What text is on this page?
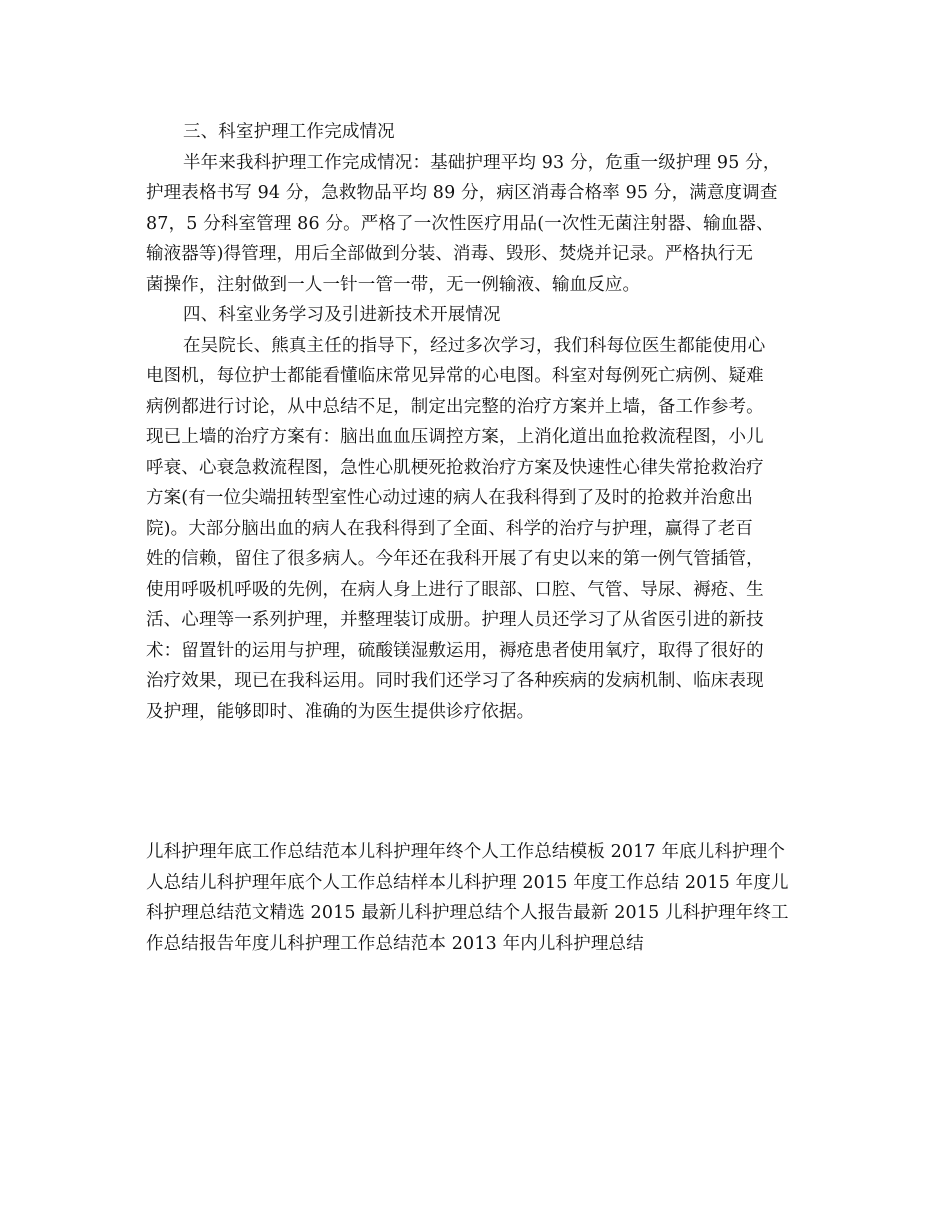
三、科室护理工作完成情况
半年来我科护理工作完成情况：基础护理平均 93 分，危重一级护理 95 分，
护理表格书写 94 分，急救物品平均 89 分，病区消毒合格率 95 分，满意度调查
87，5 分科室管理 86 分。严格了一次性医疗用品(一次性无菌注射器、输血器、
输液器等)得管理，用后全部做到分装、消毒、毁形、焚烧并记录。严格执行无
菌操作，注射做到一人一针一管一带，无一例输液、输血反应。
四、科室业务学习及引进新技术开展情况
在吴院长、熊真主任的指导下，经过多次学习，我们科每位医生都能使用心
电图机，每位护士都能看懂临床常见异常的心电图。科室对每例死亡病例、疑难
病例都进行讨论，从中总结不足，制定出完整的治疗方案并上墙，备工作参考。
现已上墙的治疗方案有：脑出血血压调控方案，上消化道出血抢救流程图，小儿
呼衰、心衰急救流程图，急性心肌梗死抢救治疗方案及快速性心律失常抢救治疗
方案(有一位尖端扭转型室性心动过速的病人在我科得到了及时的抢救并治愈出
院)。大部分脑出血的病人在我科得到了全面、科学的治疗与护理，赢得了老百
姓的信赖，留住了很多病人。今年还在我科开展了有史以来的第一例气管插管，
使用呼吸机呼吸的先例，在病人身上进行了眼部、口腔、气管、导尿、褥疮、生
活、心理等一系列护理，并整理装订成册。护理人员还学习了从省医引进的新技
术：留置针的运用与护理，硫酸镁湿敷运用，褥疮患者使用氧疗，取得了很好的
治疗效果，现已在我科运用。同时我们还学习了各种疾病的发病机制、临床表现
及护理，能够即时、准确的为医生提供诊疗依据。
儿科护理年底工作总结范本儿科护理年终个人工作总结模板 2017 年底儿科护理个
人总结儿科护理年底个人工作总结样本儿科护理 2015 年度工作总结 2015 年度儿
科护理总结范文精选 2015 最新儿科护理总结个人报告最新 2015 儿科护理年终工
作总结报告年度儿科护理工作总结范本 2013 年内儿科护理总结
